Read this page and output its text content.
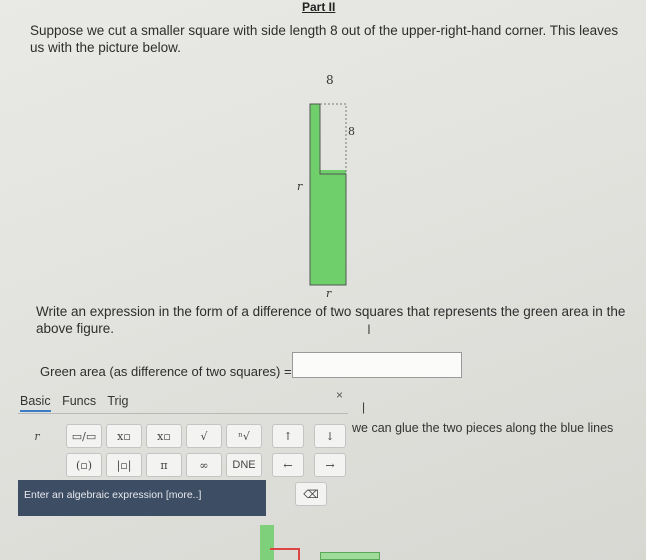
Part II
Suppose we cut a smaller square with side length 8 out of the upper-right-hand corner. This leaves us with the picture below.
8
8
r
r
Write an expression in the form of a difference of two squares that represents the green area in the above figure.	I
Green area (as difference of two squares) =
Basic Funcs Trig	×
r	▭/▭	x▫	x▫	√	ⁿ√	↑	↓
(▫)	|▫|	π	∞	DNE	←	→
⌫
Enter an algebraic expression [more..]
|
we can glue the two pieces along the blue lines
